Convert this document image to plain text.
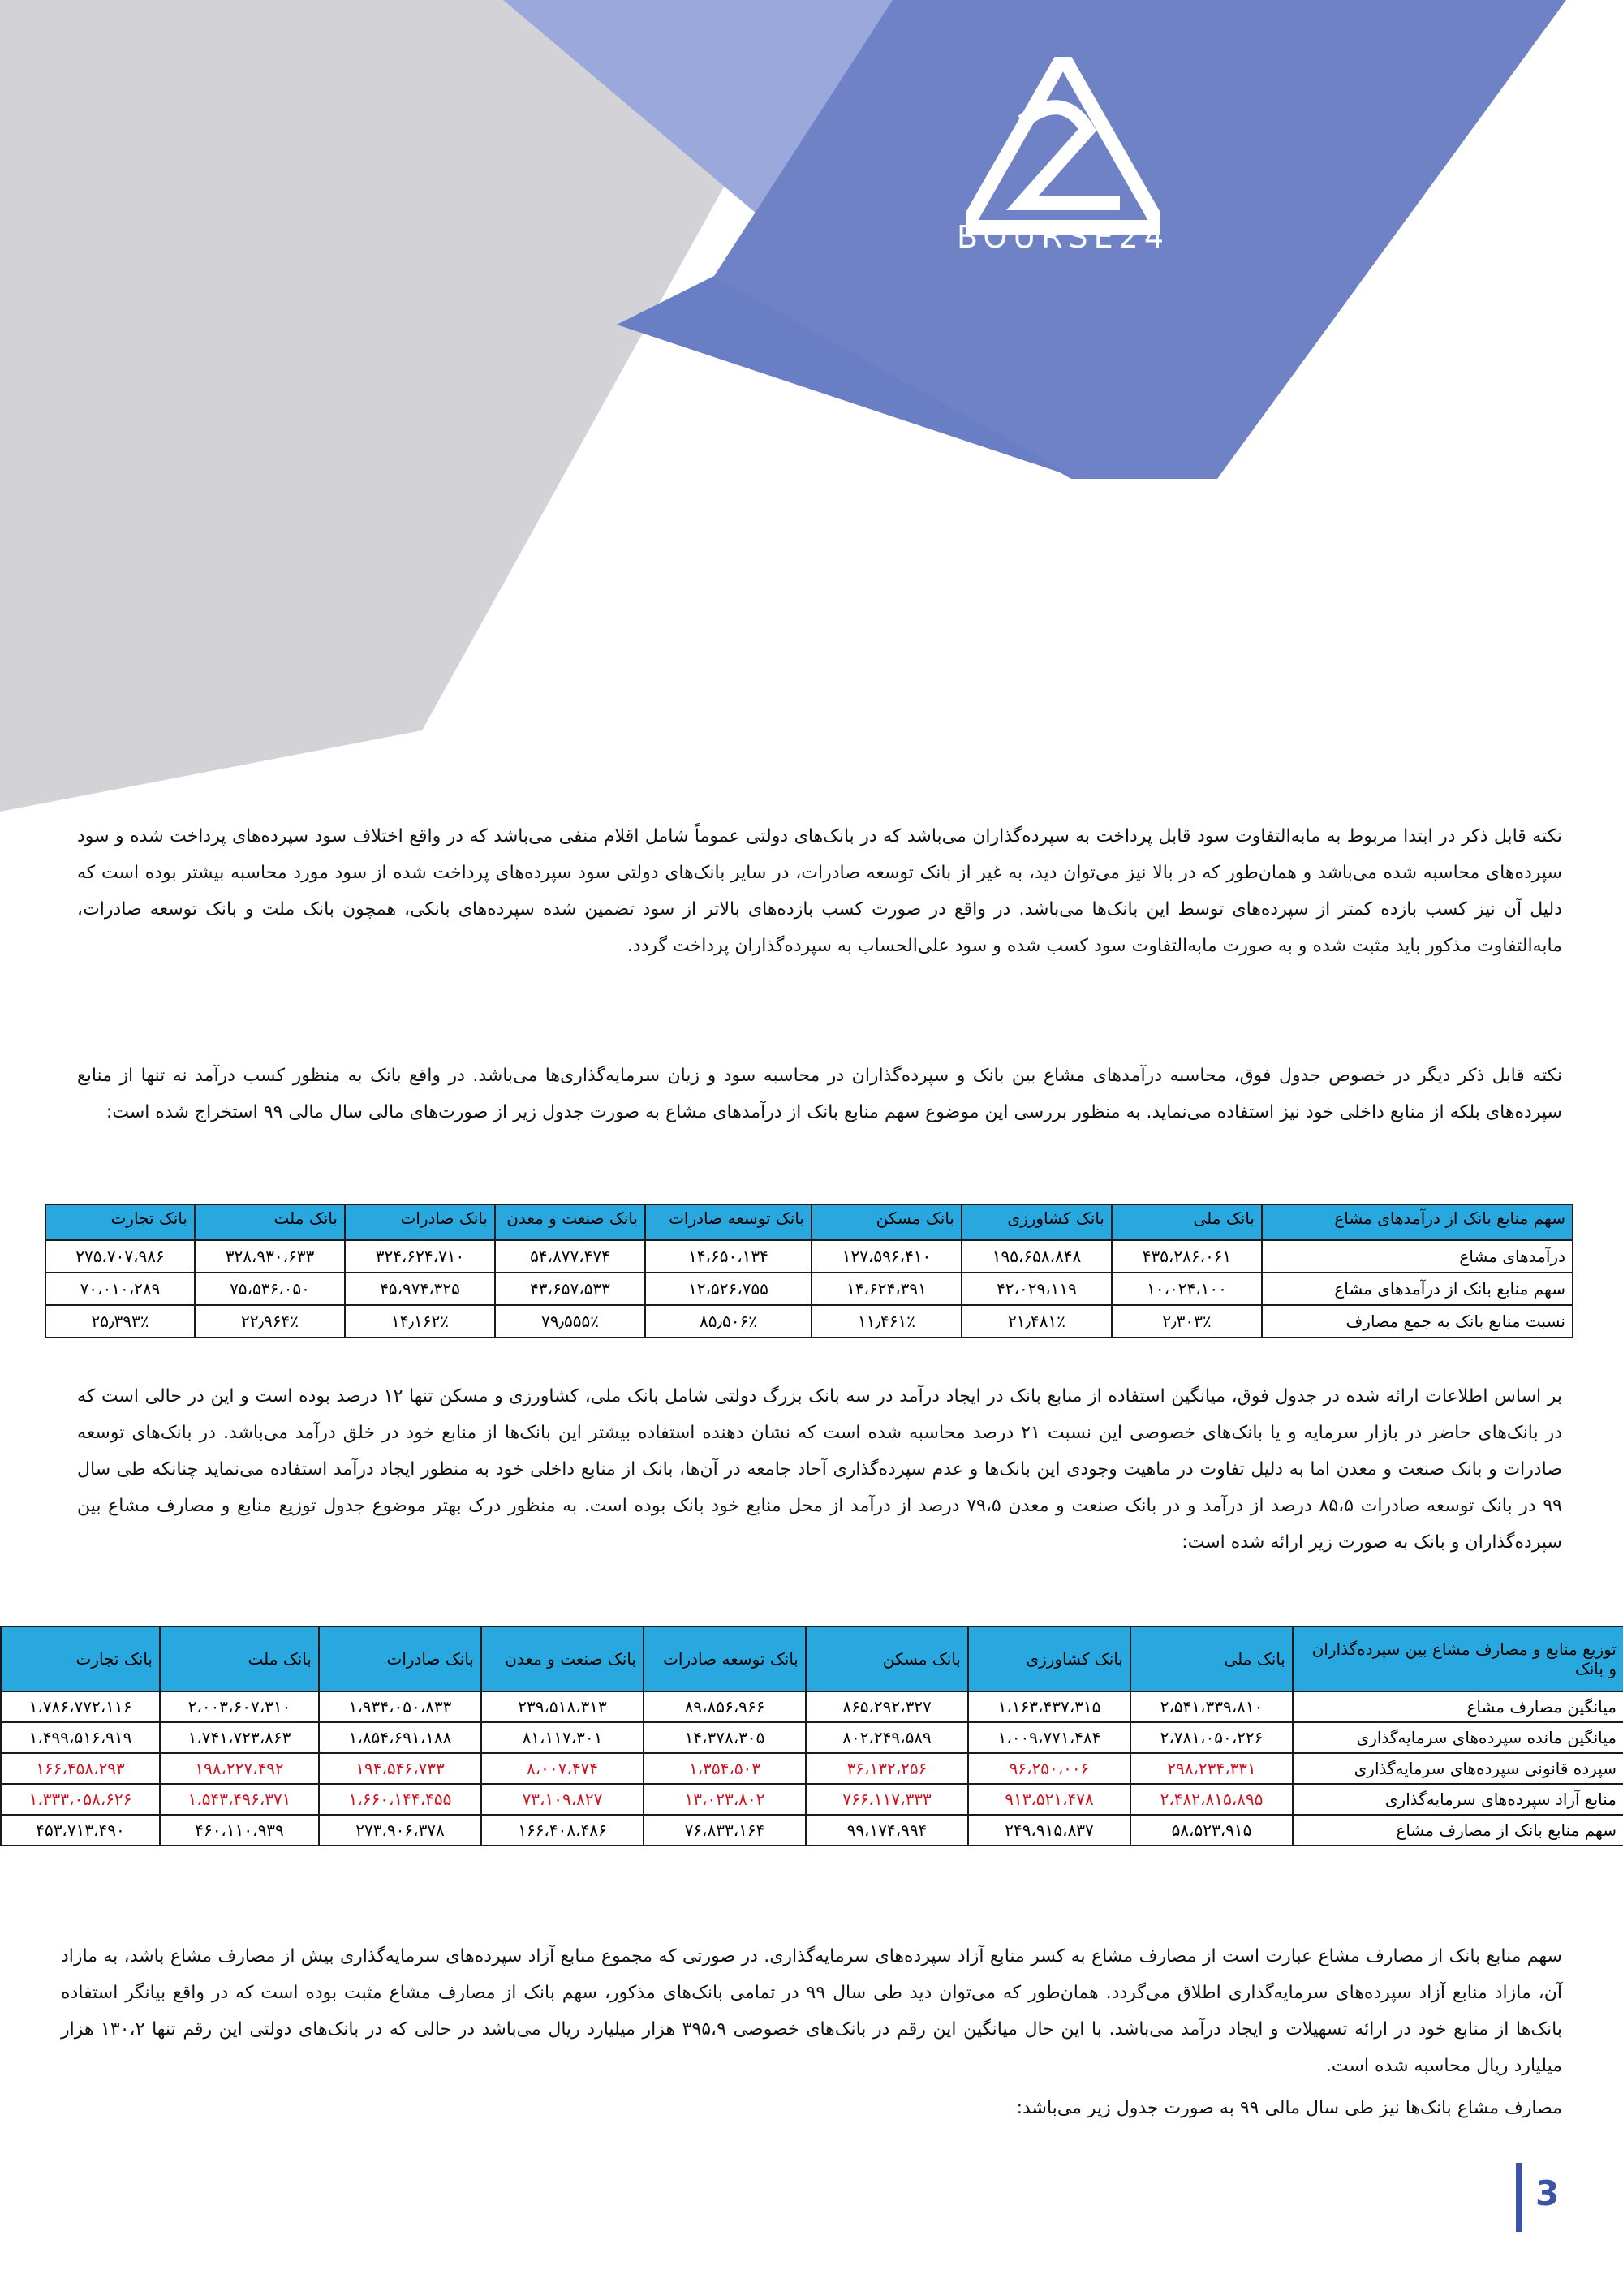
BOURSE24

نکته قابل ذکر در ابتدا مربوط به مابه‌التفاوت سود قابل پرداخت به سپرده‌گذاران می‌باشد که در بانک‌های دولتی عموماً شامل اقلام منفی می‌باشد که در واقع اختلاف سود سپرده‌های پرداخت شده و سود سپرده‌های محاسبه شده می‌باشد و همان‌طور که در بالا نیز می‌توان دید، به غیر از بانک توسعه صادرات، در سایر بانک‌های دولتی سود سپرده‌های پرداخت شده از سود مورد محاسبه بیشتر بوده است که دلیل آن نیز کسب بازده کمتر از سپرده‌های توسط این بانک‌ها می‌باشد. در واقع در صورت کسب بازده‌های بالاتر از سود تضمین شده سپرده‌های بانکی، همچون بانک ملت و بانک توسعه صادرات، مابه‌التفاوت مذکور باید مثبت شده و به صورت مابه‌التفاوت سود کسب شده و سود علی‌الحساب به سپرده‌گذاران پرداخت گردد.

نکته قابل ذکر دیگر در خصوص جدول فوق، محاسبه درآمدهای مشاع بین بانک و سپرده‌گذاران در محاسبه سود و زیان سرمایه‌گذاری‌ها می‌باشد. در واقع بانک به منظور کسب درآمد نه تنها از منابع سپرده‌های بلکه از منابع داخلی خود نیز استفاده می‌نماید. به منظور بررسی این موضوع سهم منابع بانک از درآمدهای مشاع به صورت جدول زیر از صورت‌های مالی سال مالی ۹۹ استخراج شده است:

سهم منابع بانک از درآمدهای مشاع	بانک ملی	بانک کشاورزی	بانک مسکن	بانک توسعه صادرات	بانک صنعت و معدن	بانک صادرات	بانک ملت	بانک تجارت
درآمدهای مشاع	۴۳۵،۲۸۶،۰۶۱	۱۹۵،۶۵۸،۸۴۸	۱۲۷،۵۹۶،۴۱۰	۱۴،۶۵۰،۱۳۴	۵۴،۸۷۷،۴۷۴	۳۲۴،۶۲۴،۷۱۰	۳۲۸،۹۳۰،۶۳۳	۲۷۵،۷۰۷،۹۸۶
سهم منابع بانک از درآمدهای مشاع	۱۰،۰۲۴،۱۰۰	۴۲،۰۲۹،۱۱۹	۱۴،۶۲۴،۳۹۱	۱۲،۵۲۶،۷۵۵	۴۳،۶۵۷،۵۳۳	۴۵،۹۷۴،۳۲۵	۷۵،۵۳۶،۰۵۰	۷۰،۰۱۰،۲۸۹
نسبت منابع بانک به جمع مصارف	۲٫۳۰۳٪	۲۱٫۴۸۱٪	۱۱٫۴۶۱٪	۸۵٫۵۰۶٪	۷۹٫۵۵۵٪	۱۴٫۱۶۲٪	۲۲٫۹۶۴٪	۲۵٫۳۹۳٪

بر اساس اطلاعات ارائه شده در جدول فوق، میانگین استفاده از منابع بانک در ایجاد درآمد در سه بانک بزرگ دولتی شامل بانک ملی، کشاورزی و مسکن تنها ۱۲ درصد بوده است و این در حالی است که در بانک‌های حاضر در بازار سرمایه و یا بانک‌های خصوصی این نسبت ۲۱ درصد محاسبه شده است که نشان دهنده استفاده بیشتر این بانک‌ها از منابع خود در خلق درآمد می‌باشد. در بانک‌های توسعه صادرات و بانک صنعت و معدن اما به دلیل تفاوت در ماهیت وجودی این بانک‌ها و عدم سپرده‌گذاری آحاد جامعه در آن‌ها، بانک از منابع داخلی خود به منظور ایجاد درآمد استفاده می‌نماید چنانکه طی سال ۹۹ در بانک توسعه صادرات ۸۵،۵ درصد از درآمد و در بانک صنعت و معدن ۷۹،۵ درصد از درآمد از محل منابع خود بانک بوده است. به منظور درک بهتر موضوع جدول توزیع منابع و مصارف مشاع بین سپرده‌گذاران و بانک به صورت زیر ارائه شده است:

توزیع منابع و مصارف مشاع بین سپرده‌گذاران و بانک	بانک ملی	بانک کشاورزی	بانک مسکن	بانک توسعه صادرات	بانک صنعت و معدن	بانک صادرات	بانک ملت	بانک تجارت
میانگین مصارف مشاع	۲،۵۴۱،۳۳۹،۸۱۰	۱،۱۶۳،۴۳۷،۳۱۵	۸۶۵،۲۹۲،۳۲۷	۸۹،۸۵۶،۹۶۶	۲۳۹،۵۱۸،۳۱۳	۱،۹۳۴،۰۵۰،۸۳۳	۲،۰۰۳،۶۰۷،۳۱۰	۱،۷۸۶،۷۷۲،۱۱۶
میانگین مانده سپرده‌های سرمایه‌گذاری	۲،۷۸۱،۰۵۰،۲۲۶	۱،۰۰۹،۷۷۱،۴۸۴	۸۰۲،۲۴۹،۵۸۹	۱۴،۳۷۸،۳۰۵	۸۱،۱۱۷،۳۰۱	۱،۸۵۴،۶۹۱،۱۸۸	۱،۷۴۱،۷۲۳،۸۶۳	۱،۴۹۹،۵۱۶،۹۱۹
سپرده قانونی سپرده‌های سرمایه‌گذاری	۲۹۸،۲۳۴،۳۳۱	۹۶،۲۵۰،۰۰۶	۳۶،۱۳۲،۲۵۶	۱،۳۵۴،۵۰۳	۸،۰۰۷،۴۷۴	۱۹۴،۵۴۶،۷۳۳	۱۹۸،۲۲۷،۴۹۲	۱۶۶،۴۵۸،۲۹۳
منابع آزاد سپرده‌های سرمایه‌گذاری	۲،۴۸۲،۸۱۵،۸۹۵	۹۱۳،۵۲۱،۴۷۸	۷۶۶،۱۱۷،۳۳۳	۱۳،۰۲۳،۸۰۲	۷۳،۱۰۹،۸۲۷	۱،۶۶۰،۱۴۴،۴۵۵	۱،۵۴۳،۴۹۶،۳۷۱	۱،۳۳۳،۰۵۸،۶۲۶
سهم منابع بانک از مصارف مشاع	۵۸،۵۲۳،۹۱۵	۲۴۹،۹۱۵،۸۳۷	۹۹،۱۷۴،۹۹۴	۷۶،۸۳۳،۱۶۴	۱۶۶،۴۰۸،۴۸۶	۲۷۳،۹۰۶،۳۷۸	۴۶۰،۱۱۰،۹۳۹	۴۵۳،۷۱۳،۴۹۰

سهم منابع بانک از مصارف مشاع عبارت است از مصارف مشاع به کسر منابع آزاد سپرده‌های سرمایه‌گذاری. در صورتی که مجموع منابع آزاد سپرده‌های سرمایه‌گذاری بیش از مصارف مشاع باشد، به مازاد آن، مازاد منابع آزاد سپرده‌های سرمایه‌گذاری اطلاق می‌گردد. همان‌طور که می‌توان دید طی سال ۹۹ در تمامی بانک‌های مذکور، سهم بانک از مصارف مشاع مثبت بوده است که در واقع بیانگر استفاده بانک‌ها از منابع خود در ارائه تسهیلات و ایجاد درآمد می‌باشد. با این حال میانگین این رقم در بانک‌های خصوصی ۳۹۵،۹ هزار میلیارد ریال می‌باشد در حالی که در بانک‌های دولتی این رقم تنها ۱۳۰،۲ هزار میلیارد ریال محاسبه شده است.

مصارف مشاع بانک‌ها نیز طی سال مالی ۹۹ به صورت جدول زیر می‌باشد:

3
